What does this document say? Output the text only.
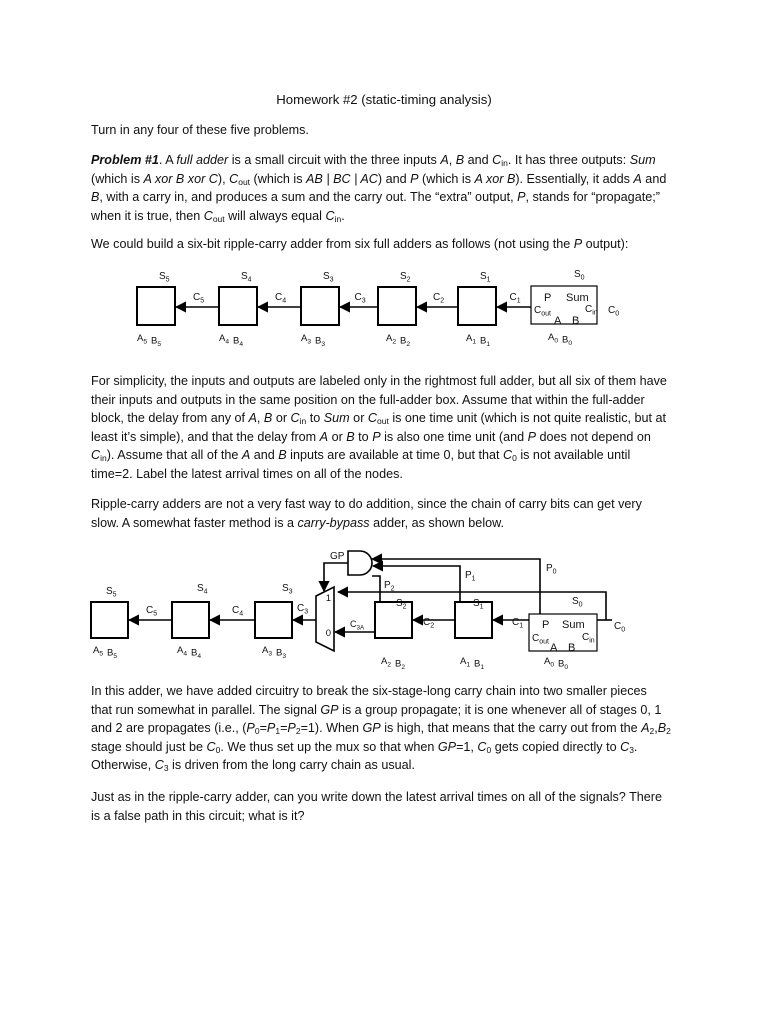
Homework #2 (static-timing analysis)
Turn in any four of these five problems.
Problem #1. A full adder is a small circuit with the three inputs A, B and $C_{in}$. It has three outputs: Sum (which is A xor B xor C), $C_{out}$ (which is AB | BC | AC) and P (which is A xor B). Essentially, it adds A and B, with a carry in, and produces a sum and the carry out. The “extra” output, P, stands for “propagate;” when it is true, then $C_{out}$ will always equal $C_{in}$.
We could build a six-bit ripple-carry adder from six full adders as follows (not using the P output):
For simplicity, the inputs and outputs are labeled only in the rightmost full adder, but all six of them have their inputs and outputs in the same position on the full-adder box. Assume that within the full-adder block, the delay from any of A, B or $C_{in}$ to Sum or $C_{out}$ is one time unit (which is not quite realistic, but at least it’s simple), and that the delay from A or B to P is also one time unit (and P does not depend on $C_{in}$). Assume that all of the A and B inputs are available at time 0, but that $C_0$ is not available until time=2. Label the latest arrival times on all of the nodes.
Ripple-carry adders are not a very fast way to do addition, since the chain of carry bits can get very slow. A somewhat faster method is a carry-bypass adder, as shown below.
In this adder, we have added circuitry to break the six-stage-long carry chain into two smaller pieces that run somewhat in parallel. The signal GP is a group propagate; it is one whenever all of stages 0, 1 and 2 are propagates (i.e., $(P_0=P_1=P_2=1)$. When GP is high, that means that the carry out from the $A_2,B_2$ stage should just be $C_0$. We thus set up the mux so that when GP=1, $C_0$ gets copied directly to $C_3$. Otherwise, $C_3$ is driven from the long carry chain as usual.
Just as in the ripple-carry adder, can you write down the latest arrival times on all of the signals? There is a false path in this circuit; what is it?
$S_5$
$A_5$ $B_5$
$S_4$
$A_4$ $B_4$
$S_3$
$A_3$ $B_3$
$S_2$
$A_2$ $B_2$
$S_1$
$A_1$ $B_1$
P Sum
$C_{out}$	$C_{in}$
A B
$S_0$
$A_0$ $B_0$
$C_5$	$C_4$	$C_3$	$C_2$	$C_1$
$C_0$
$S_5$
$S_4$	$S_3$
$A_5$ $B_5$
$A_4$ $B_4$
$A_3$ $B_3$	$A_2$ $B_2$
$A_1$ $B_1$
$A_0$ $B_0$
$S_2$	$S_1$	$S_0$
$C_5$	$C_4$
1
0
$C_3$
$C_{3A}$	$C_2$	$C_1$ P Sum
$C_{out}$	$C_{in}$
A B
$C_0$
GP
$P_0$
$P_1$
$P_2$
